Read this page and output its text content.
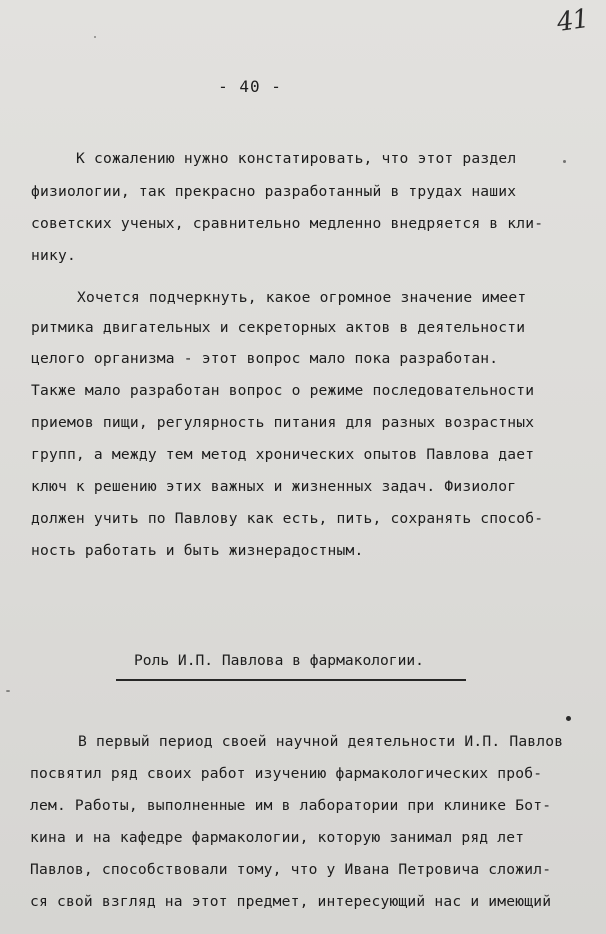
41
- 40 -
К сожалению нужно констатировать, что этот раздел
физиологии, так прекрасно разработанный в трудах наших
советских ученых, сравнительно медленно внедряется в кли-
нику.
Хочется подчеркнуть, какое огромное значение имеет
ритмика двигательных и секреторных актов в деятельности
целого организма - этот вопрос мало пока разработан.
Также мало разработан вопрос о режиме последовательности
приемов пищи, регулярность питания для разных возрастных
групп, а между тем метод хронических опытов Павлова дает
ключ к решению этих важных и жизненных задач. Физиолог
должен учить по Павлову как есть, пить, сохранять способ-
ность работать и быть жизнерадостным.
Роль И.П. Павлова в фармакологии.
В первый период своей научной деятельности И.П. Павлов
посвятил ряд своих работ изучению фармакологических проб-
лем. Работы, выполненные им в лаборатории при клинике Бот-
кина и на кафедре фармакологии, которую занимал ряд лет
Павлов, способствовали тому, что у Ивана Петровича сложил-
ся свой взгляд на этот предмет, интересующий нас и имеющий
